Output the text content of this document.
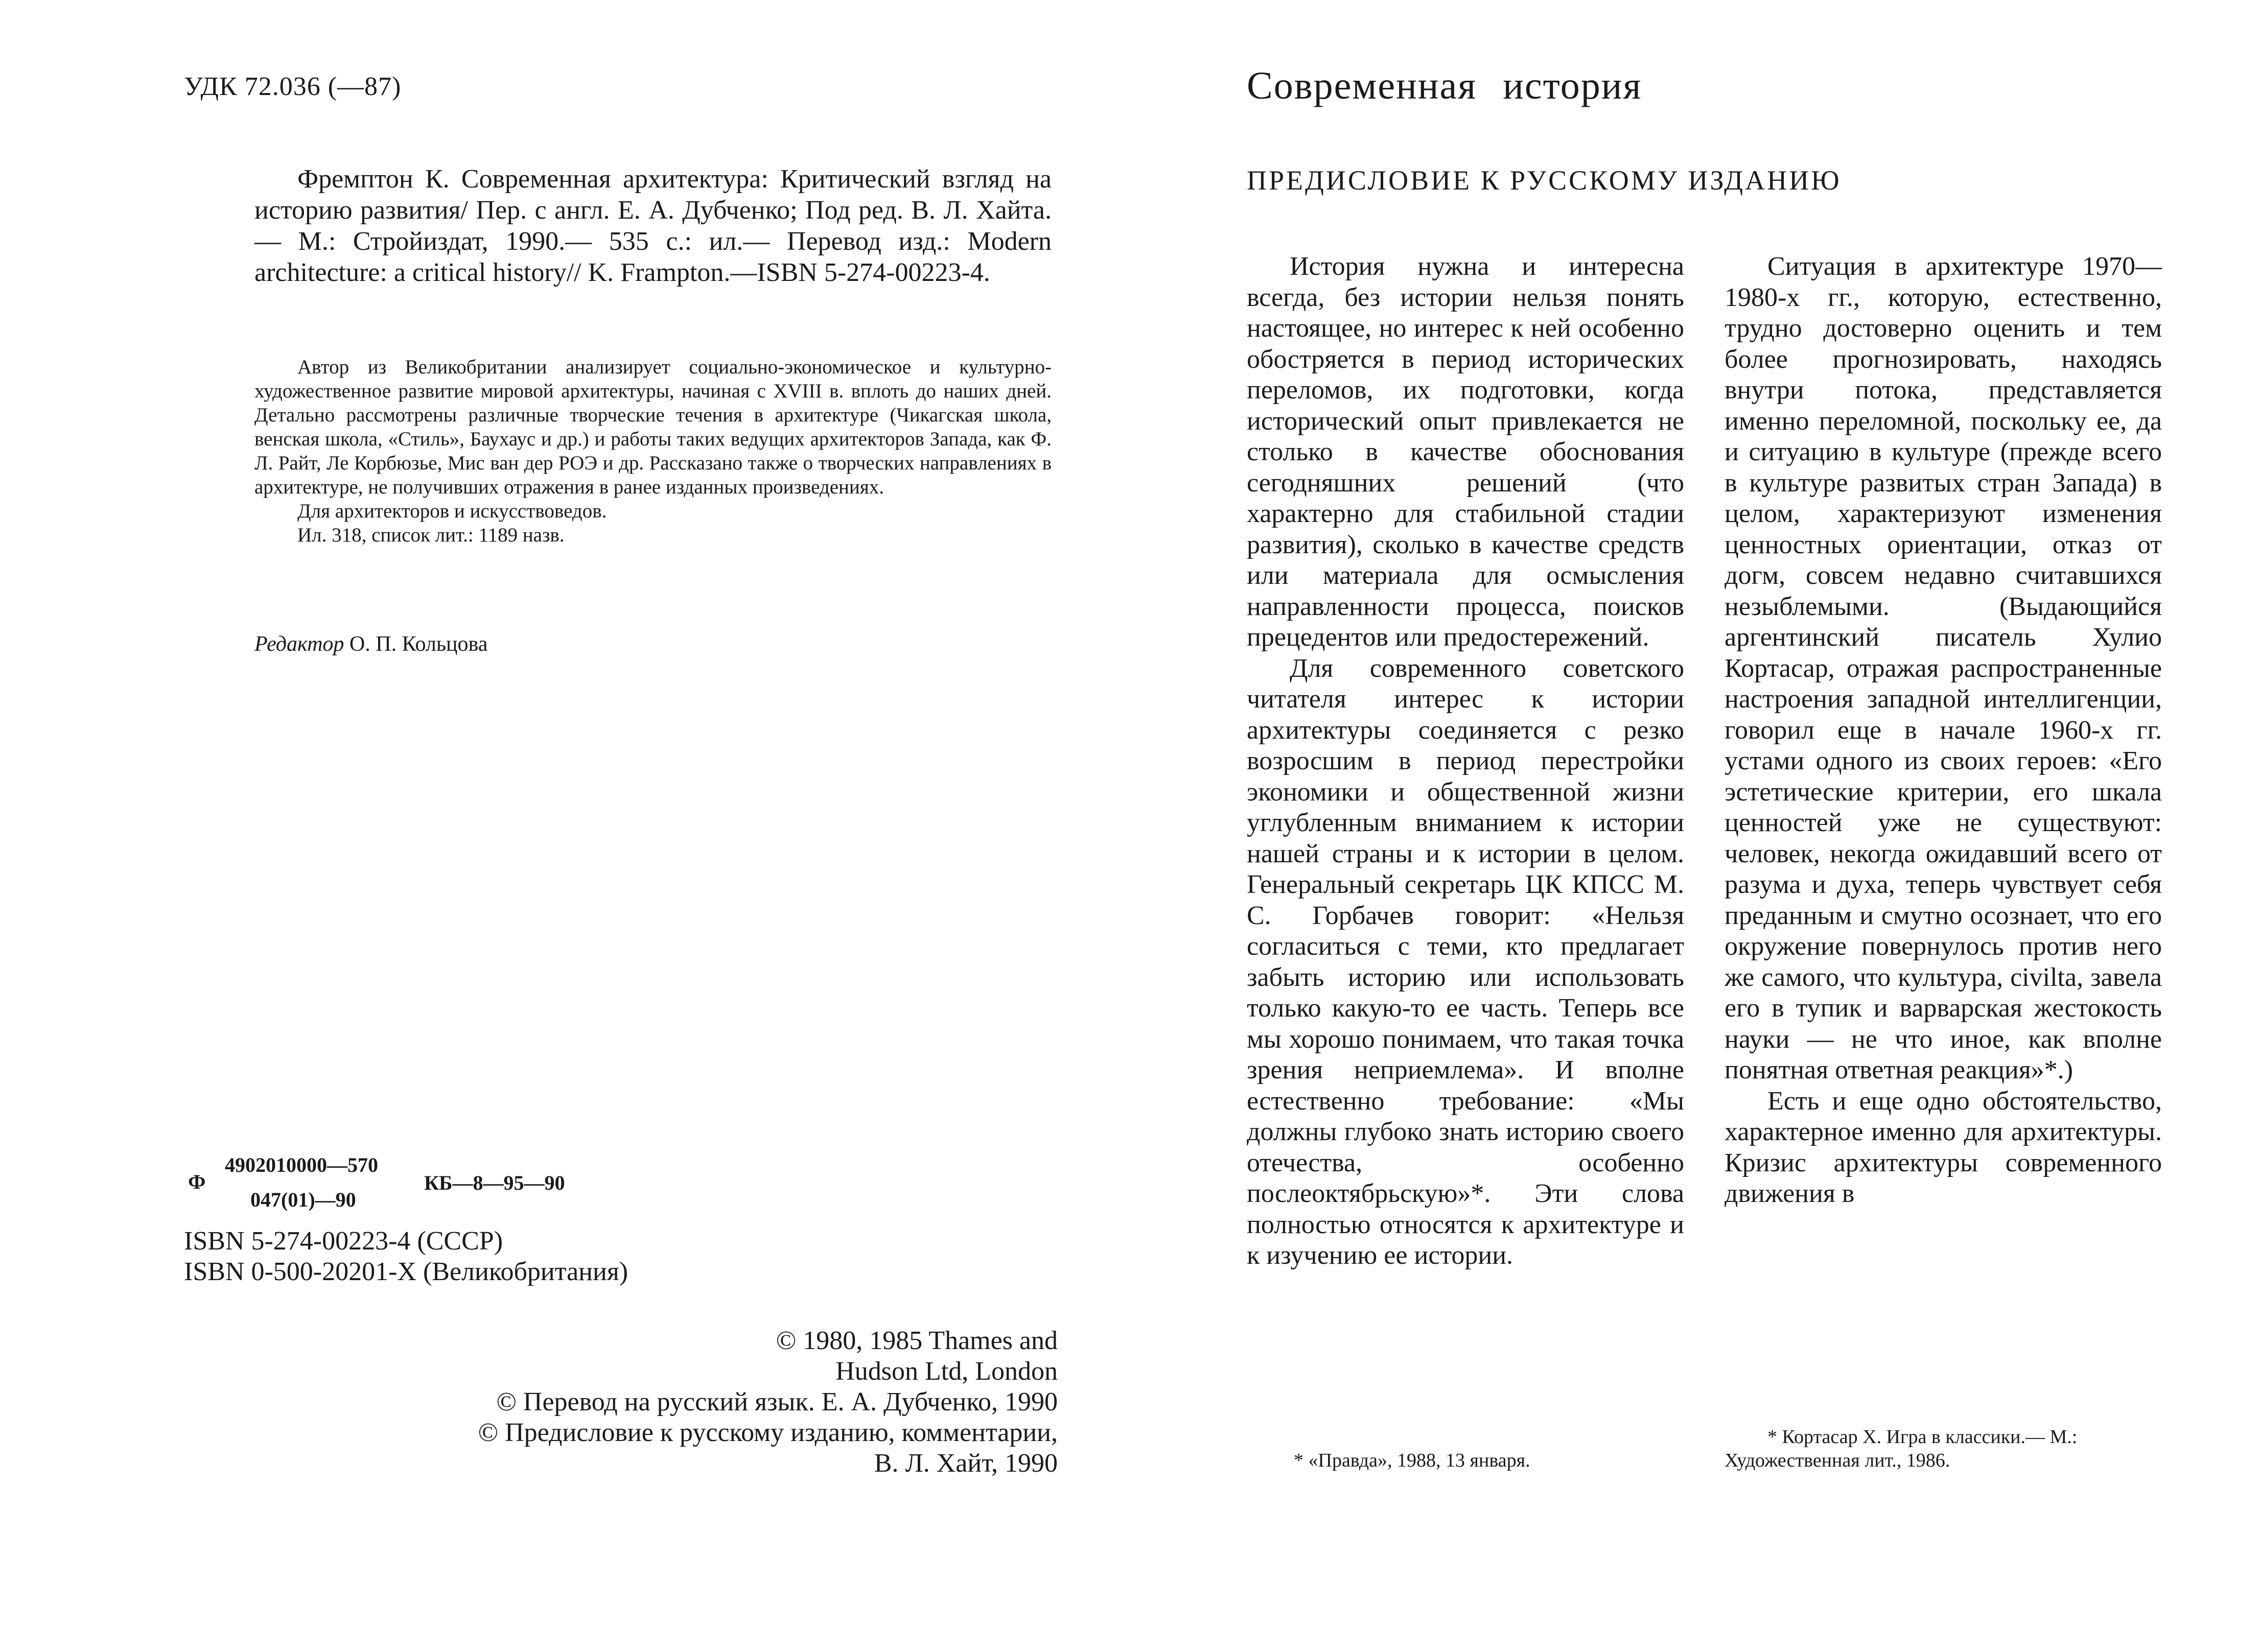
УДК 72.036 (—87)

Фремптон К. Современная архитектура: Критический взгляд на историю развития/ Пер. с англ. Е. А. Дубченко; Под ред. В. Л. Хайта.— М.: Стройиздат, 1990.— 535 с.: ил.— Перевод изд.: Modern architecture: a critical history// K. Frampton.—ISBN 5-274-00223-4.

Автор из Великобритании анализирует социально-экономическое и культурно-художественное развитие мировой архитектуры, начиная с XVIII в. вплоть до наших дней. Детально рассмотрены различные творческие течения в архитектуре (Чикагская школа, венская школа, «Стиль», Баухаус и др.) и работы таких ведущих архитекторов Запада, как Ф. Л. Райт, Ле Корбюзье, Мис ван дер РОЭ и др. Рассказано также о творческих направлениях в архитектуре, не получивших отражения в ранее изданных произведениях.

Для архитекторов и искусствоведов.

Ил. 318, список лит.: 1189 назв.

Редактор О. П. Кольцова
Ф
4902010000—570
047(01)—90
КБ—8—95—90
ISBN 5-274-00223-4 (СССР)
ISBN 0-500-20201-X (Великобритания)
© 1980, 1985 Thames and
Hudson Ltd, London
© Перевод на русский язык. Е. А. Дубченко, 1990
© Предисловие к русскому изданию, комментарии,
В. Л. Хайт, 1990
Современная история
ПРЕДИСЛОВИЕ К РУССКОМУ ИЗДАНИЮ

История нужна и интересна всегда, без истории нельзя понять настоящее, но интерес к ней особенно обостряется в период исторических переломов, их подготовки, когда исторический опыт привлекается не столько в качестве обоснования сегодняшних решений (что характерно для стабильной стадии развития), сколько в качестве средств или материала для осмысления направленности процесса, поисков прецедентов или предостережений.

Для современного советского читателя интерес к истории архитектуры соединяется с резко возросшим в период перестройки экономики и общественной жизни углубленным вниманием к истории нашей страны и к истории в целом. Генеральный секретарь ЦК КПСС М. С. Горбачев говорит: «Нельзя согласиться с теми, кто предлагает забыть историю или использовать только какую-то ее часть. Теперь все мы хорошо понимаем, что такая точка зрения неприемлема». И вполне естественно требование: «Мы должны глубоко знать историю своего отечества, особенно послеоктябрьскую»*. Эти слова полностью относятся к архитектуре и к изучению ее истории.

Ситуация в архитектуре 1970—1980-х гг., которую, естественно, трудно достоверно оценить и тем более прогнозировать, находясь внутри потока, представляется именно переломной, поскольку ее, да и ситуацию в культуре (прежде всего в культуре развитых стран Запада) в целом, характеризуют изменения ценностных ориентации, отказ от догм, совсем недавно считавшихся незыблемыми. (Выдающийся аргентинский писатель Хулио Кортасар, отражая распространенные настроения западной интеллигенции, говорил еще в начале 1960-х гг. устами одного из своих героев: «Его эстетические критерии, его шкала ценностей уже не существуют: человек, некогда ожидавший всего от разума и духа, теперь чувствует себя преданным и смутно осознает, что его окружение повернулось против него же самого, что культура, civilta, завела его в тупик и варварская жестокость науки — не что иное, как вполне понятная ответная реакция»*.)

Есть и еще одно обстоятельство, характерное именно для архитектуры. Кризис архитектуры современного движения в

* «Правда», 1988, 13 января.

* Кортасар X. Игра в классики.— М.: Художественная лит., 1986.
